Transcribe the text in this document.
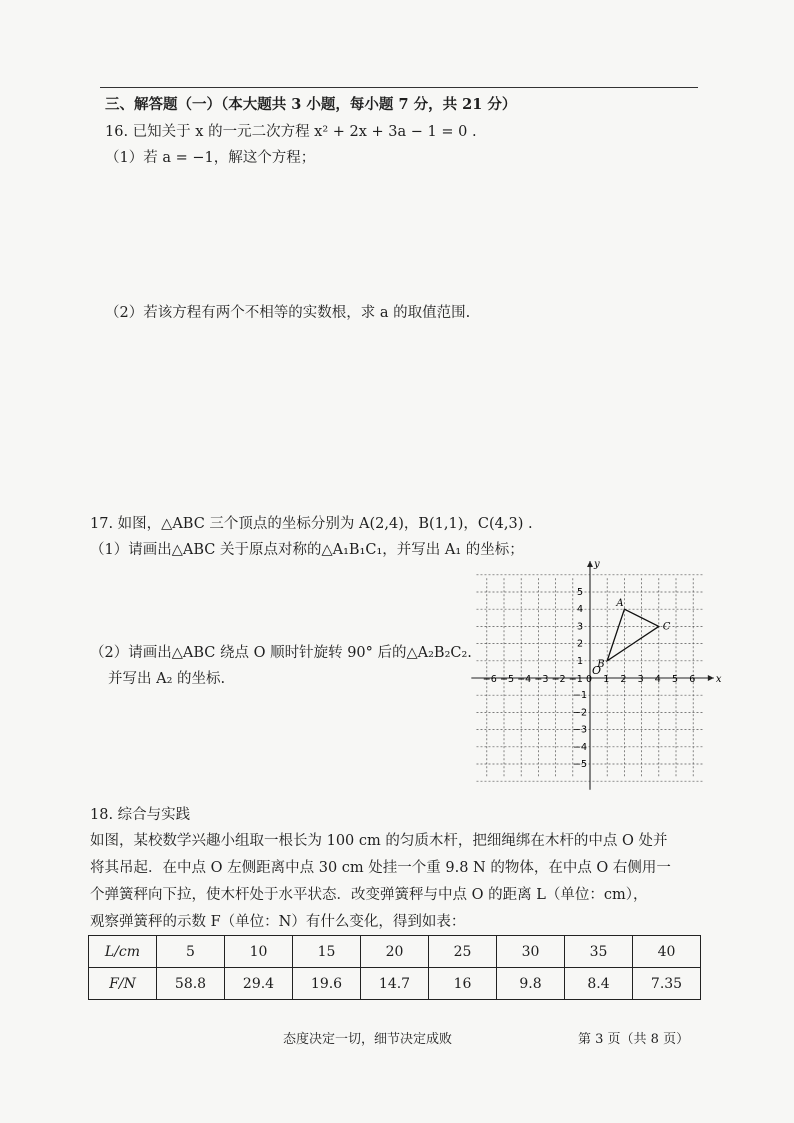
三、解答题（一）（本大题共 3 小题，每小题 7 分，共 21 分）
16. 已知关于 x 的一元二次方程 x² + 2x + 3a − 1 = 0 .
（1）若 a = −1，解这个方程；
（2）若该方程有两个不相等的实数根，求 a 的取值范围.
17. 如图，△ABC 三个顶点的坐标分别为 A(2,4)，B(1,1)，C(4,3) .
（1）请画出△ABC 关于原点对称的△A₁B₁C₁，并写出 A₁ 的坐标；
（2）请画出△ABC 绕点 O 顺时针旋转 90° 后的△A₂B₂C₂.
并写出 A₂ 的坐标.	x
y
−6 −5 −4 −3 −2 −1 0 1 2 3 4 5 6
5
4
3
2
1
−1
−2
−3
−4
−5
O
A
B
C
18. 综合与实践
如图，某校数学兴趣小组取一根长为 100 cm 的匀质木杆，把细绳绑在木杆的中点 O 处并
将其吊起．在中点 O 左侧距离中点 30 cm 处挂一个重 9.8 N 的物体，在中点 O 右侧用一
个弹簧秤向下拉，使木杆处于水平状态．改变弹簧秤与中点 O 的距离 L（单位：cm），
观察弹簧秤的示数 F（单位：N）有什么变化，得到如表：
L/cm	5	10	15	20	25	30	35	40
F/N	58.8	29.4	19.6	14.7	16	9.8	8.4	7.35
态度决定一切，细节决定成败	第 3 页（共 8 页）
